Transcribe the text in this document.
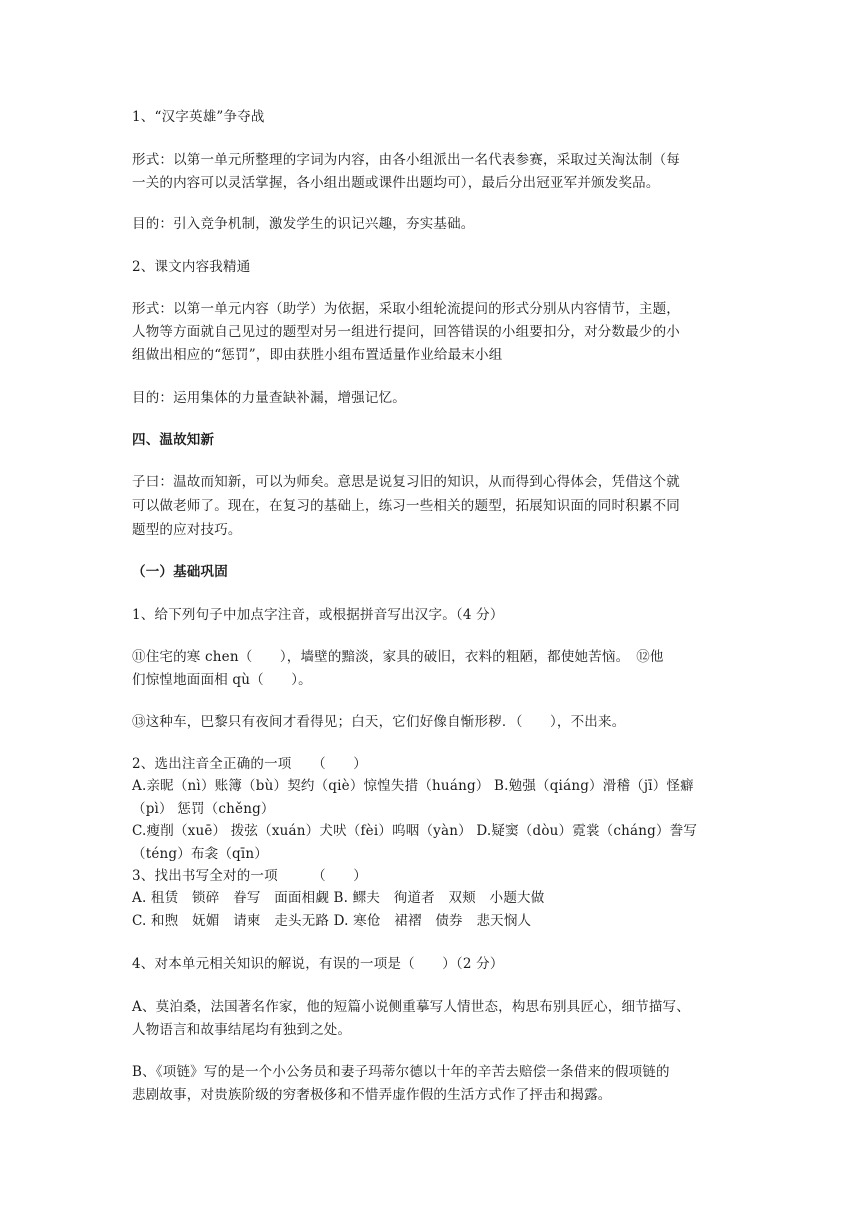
1、“汉字英雄”争夺战
形式：以第一单元所整理的字词为内容，由各小组派出一名代表参赛，采取过关淘汰制（每
一关的内容可以灵活掌握，各小组出题或课件出题均可），最后分出冠亚军并颁发奖品。
目的：引入竞争机制，激发学生的识记兴趣，夯实基础。
2、课文内容我精通
形式：以第一单元内容（助学）为依据，采取小组轮流提问的形式分别从内容情节，主题，
人物等方面就自己见过的题型对另一组进行提问，回答错误的小组要扣分，对分数最少的小
组做出相应的“惩罚”，即由获胜小组布置适量作业给最末小组
目的：运用集体的力量查缺补漏，增强记忆。
四、温故知新
子曰：温故而知新，可以为师矣。意思是说复习旧的知识，从而得到心得体会，凭借这个就
可以做老师了。现在，在复习的基础上，练习一些相关的题型，拓展知识面的同时积累不同
题型的应对技巧。
（一）基础巩固
1、给下列句子中加点字注音，或根据拼音写出汉字。（4 分）
⑪住宅的寒 chen（　　），墙壁的黯淡，家具的破旧，衣料的粗陋，都使她苦恼。　⑫他
们惊惶地面面相 qù（　　）。
⑬这种车，巴黎只有夜间才看得见；白天，它们好像自惭形秽．（　　），不出来。
2、选出注音全正确的一项　　（　　）
A.亲昵（nì）账簿（bù）契约（qiè）惊惶失措（huáng） B.勉强（qiáng）滑稽（jī）怪癖
（pì） 惩罚（chěng）
C.瘦削（xuē） 拨弦（xuán）犬吠（fèi）呜咽（yàn） D.疑窦（dòu）霓裳（cháng）誊写
（téng）布衾（qīn）
3、找出书写全对的一项　　　（　　）
A. 租赁　锁碎　眷写　面面相觑 B. 鳏夫　徇道者　双颊　小题大做
C. 和煦　妩媚　请柬　走头无路 D. 寒伧　裙褶　债券　悲天悯人
4、对本单元相关知识的解说，有误的一项是（　　）（2 分）
A、莫泊桑，法国著名作家，他的短篇小说侧重摹写人情世态，构思布别具匠心，细节描写、
人物语言和故事结尾均有独到之处。
B、《项链》写的是一个小公务员和妻子玛蒂尔德以十年的辛苦去赔偿一条借来的假项链的
悲剧故事，对贵族阶级的穷奢极侈和不惜弄虚作假的生活方式作了抨击和揭露。
